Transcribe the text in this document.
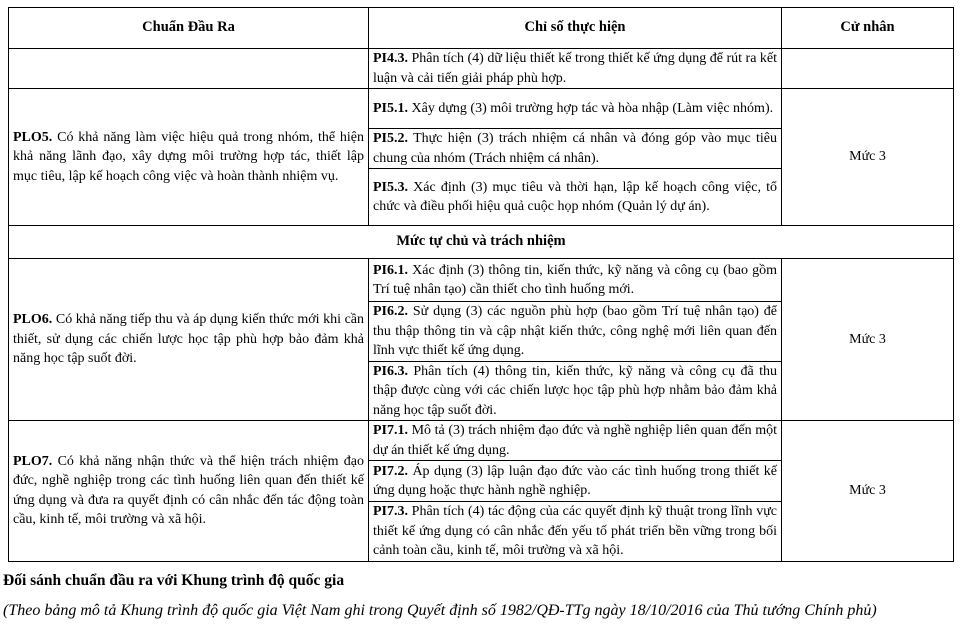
Chuẩn Đầu Ra	Chỉ số thực hiện	Cử nhân
	PI4.3. Phân tích (4) dữ liệu thiết kế trong thiết kế ứng dụng để rút ra kết luận và cải tiến giải pháp phù hợp.	
PLO5. Có khả năng làm việc hiệu quả trong nhóm, thể hiện khả năng lãnh đạo, xây dựng môi trường hợp tác, thiết lập mục tiêu, lập kế hoạch công việc và hoàn thành nhiệm vụ.	PI5.1. Xây dựng (3) môi trường hợp tác và hòa nhập (Làm việc nhóm).	Mức 3
	PI5.2. Thực hiện (3) trách nhiệm cá nhân và đóng góp vào mục tiêu chung của nhóm (Trách nhiệm cá nhân).	
	PI5.3. Xác định (3) mục tiêu và thời hạn, lập kế hoạch công việc, tổ chức và điều phối hiệu quả cuộc họp nhóm (Quản lý dự án).	
Mức tự chủ và trách nhiệm		
PLO6. Có khả năng tiếp thu và áp dụng kiến thức mới khi cần thiết, sử dụng các chiến lược học tập phù hợp bảo đảm khả năng học tập suốt đời.	PI6.1. Xác định (3) thông tin, kiến thức, kỹ năng và công cụ (bao gồm Trí tuệ nhân tạo) cần thiết cho tình huống mới.	Mức 3
	PI6.2. Sử dụng (3) các nguồn phù hợp (bao gồm Trí tuệ nhân tạo) để thu thập thông tin và cập nhật kiến thức, công nghệ mới liên quan đến lĩnh vực thiết kế ứng dụng.	
	PI6.3. Phân tích (4) thông tin, kiến thức, kỹ năng và công cụ đã thu thập được cùng với các chiến lược học tập phù hợp nhằm bảo đảm khả năng học tập suốt đời.	
PLO7. Có khả năng nhận thức và thể hiện trách nhiệm đạo đức, nghề nghiệp trong các tình huống liên quan đến thiết kế ứng dụng và đưa ra quyết định có cân nhắc đến tác động toàn cầu, kinh tế, môi trường và xã hội.	PI7.1. Mô tả (3) trách nhiệm đạo đức và nghề nghiệp liên quan đến một dự án thiết kế ứng dụng.	Mức 3
	PI7.2. Áp dụng (3) lập luận đạo đức vào các tình huống trong thiết kế ứng dụng hoặc thực hành nghề nghiệp.	
	PI7.3. Phân tích (4) tác động của các quyết định kỹ thuật trong lĩnh vực thiết kế ứng dụng có cân nhắc đến yếu tố phát triển bền vững trong bối cảnh toàn cầu, kinh tế, môi trường và xã hội.	

Đối sánh chuẩn đầu ra với Khung trình độ quốc gia

(Theo bảng mô tả Khung trình độ quốc gia Việt Nam ghi trong Quyết định số 1982/QĐ-TTg ngày 18/10/2016 của Thủ tướng Chính phủ)
